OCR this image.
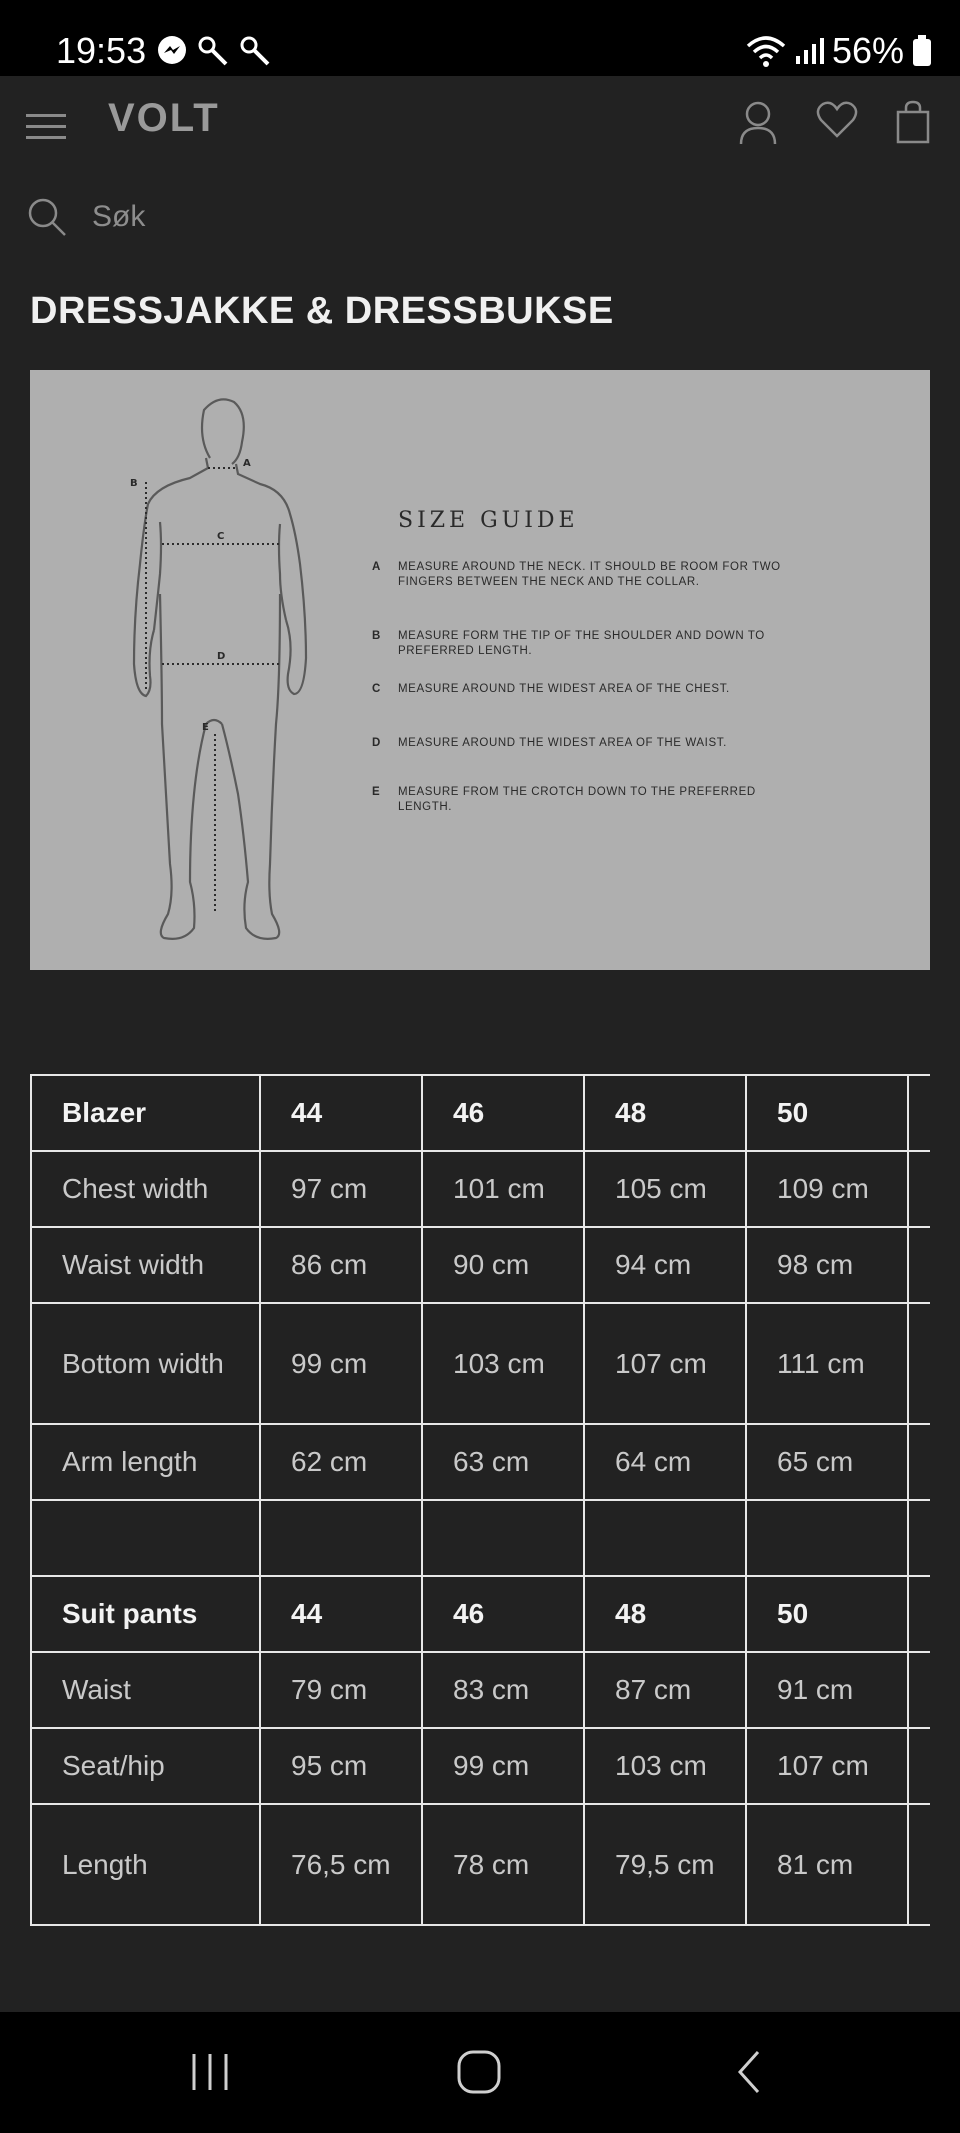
19:53	56%
VOLT
Søk
DRESSJAKKE & DRESSBUKSE
A
B
C
D
E
SIZE GUIDE
A	MEASURE AROUND THE NECK. IT SHOULD BE ROOM FOR TWO FINGERS BETWEEN THE NECK AND THE COLLAR.
B	MEASURE FORM THE TIP OF THE SHOULDER AND DOWN TO PREFERRED LENGTH.
C	MEASURE AROUND THE WIDEST AREA OF THE CHEST.
D	MEASURE AROUND THE WIDEST AREA OF THE WAIST.
E	MEASURE FROM THE CROTCH DOWN TO THE PREFERRED LENGTH.
Blazer	44	46	48	50	
Chest width	97 cm	101 cm	105 cm	109 cm	
Waist width	86 cm	90 cm	94 cm	98 cm	
Bottom width	99 cm	103 cm	107 cm	111 cm	
Arm length	62 cm	63 cm	64 cm	65 cm	

Suit pants	44	46	48	50	
Waist	79 cm	83 cm	87 cm	91 cm	
Seat/hip	95 cm	99 cm	103 cm	107 cm	
Length	76,5 cm	78 cm	79,5 cm	81 cm	
